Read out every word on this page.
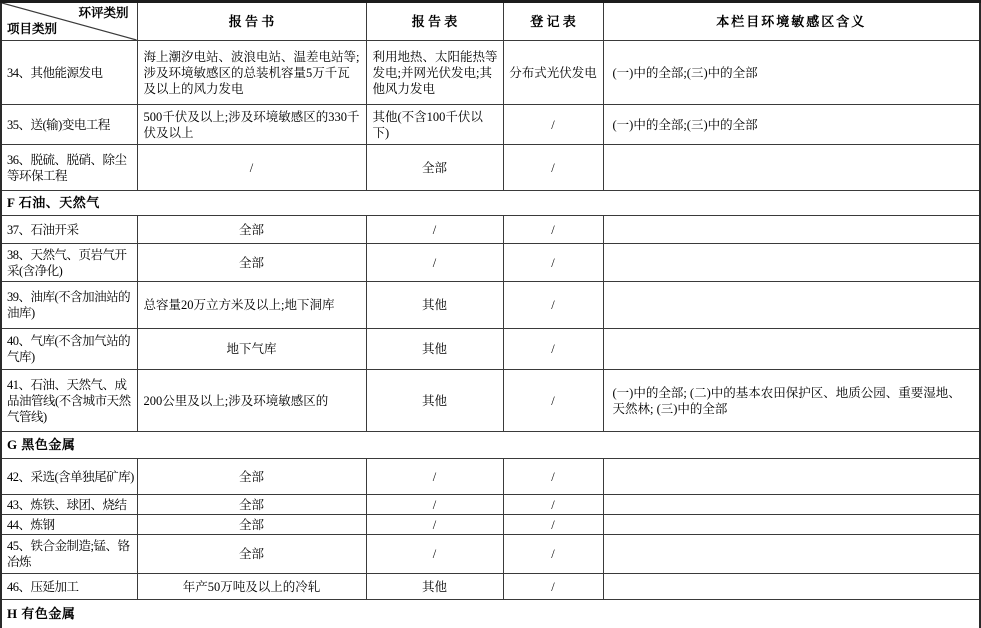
环评类别
项目类别	报 告 书	报 告 表	登 记 表	本栏目环境敏感区含义
34、其他能源发电	海上潮汐电站、波浪电站、温差电站等;涉及环境敏感区的总装机容量5万千瓦及以上的风力发电	利用地热、太阳能热等发电;并网光伏发电;其他风力发电	分布式光伏发电	(一)中的全部;(三)中的全部
35、送(输)变电工程	500千伏及以上;涉及环境敏感区的330千伏及以上	其他(不含100千伏以下)	/	(一)中的全部;(三)中的全部
36、脱硫、脱硝、除尘等环保工程	/	全部	/	
F 石油、天然气				
37、石油开采	全部	/	/	
38、天然气、页岩气开采(含净化)	全部	/	/	
39、油库(不含加油站的油库)	总容量20万立方米及以上;地下洞库	其他	/	
40、气库(不含加气站的气库)	地下气库	其他	/	
41、石油、天然气、成品油管线(不含城市天然气管线)	200公里及以上;涉及环境敏感区的	其他	/	(一)中的全部; (二)中的基本农田保护区、地质公园、重要湿地、天然林; (三)中的全部
G 黑色金属				
42、采选(含单独尾矿库)	全部	/	/	
43、炼铁、球团、烧结	全部	/	/	
44、炼钢	全部	/	/	
45、铁合金制造;锰、铬冶炼	全部	/	/	
46、压延加工	年产50万吨及以上的冷轧	其他	/	
H 有色金属				
